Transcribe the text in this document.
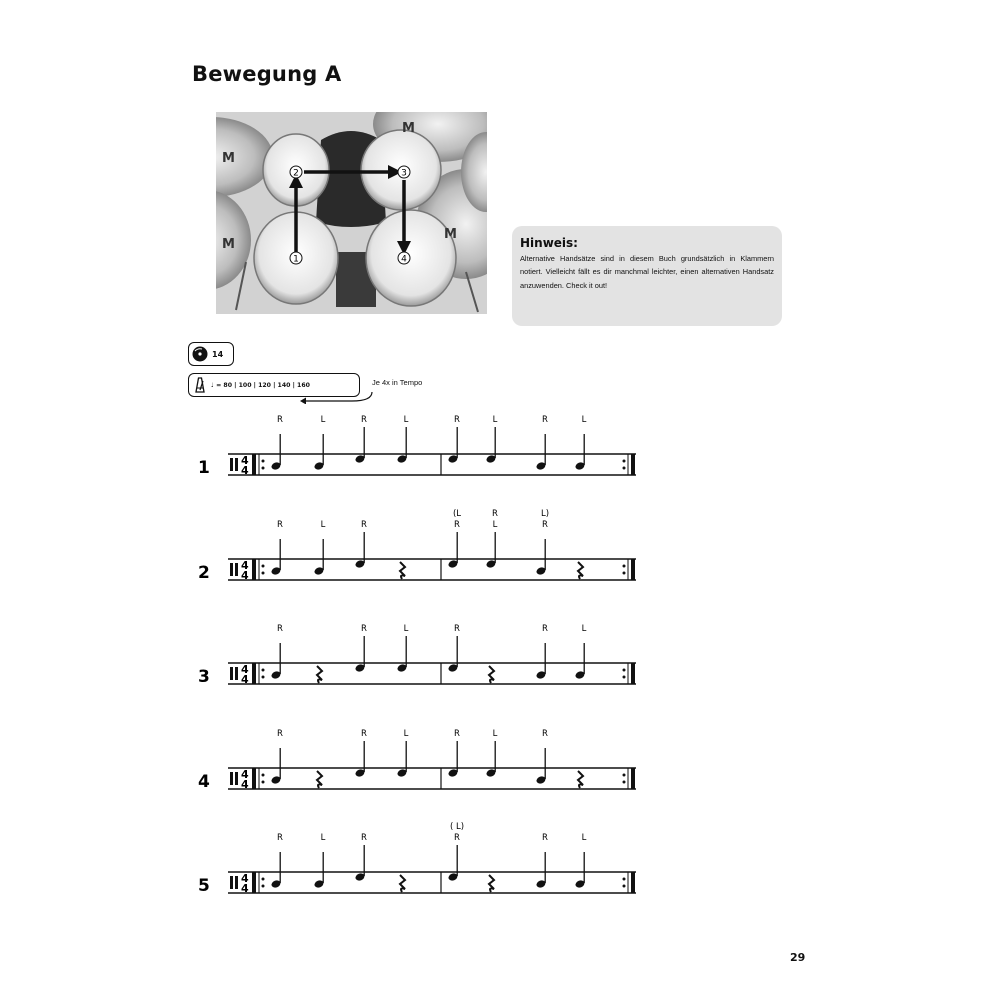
Bewegung A
M
M
M
M
1
2	3
4
Hinweis:
Alternative Handsätze sind in diesem Buch grundsätzlich in Klammern notiert. Vielleicht fällt es dir manchmal leichter, einen alternativen Handsatz anzuwenden. Check it out!
14
♩ = 80 | 100 | 120 | 140 | 160	Je 4x in Tempo
1	4
4
R	L	R	L	R	L	R	L
2	4
4
R	L	R	R
(L
L
R
R
L)
3	4
4
R	R	L	R	R	L
4	4
4
R	R	L	R	L	R
5	4
4
R	L	R	R
( L)
R	L
29
